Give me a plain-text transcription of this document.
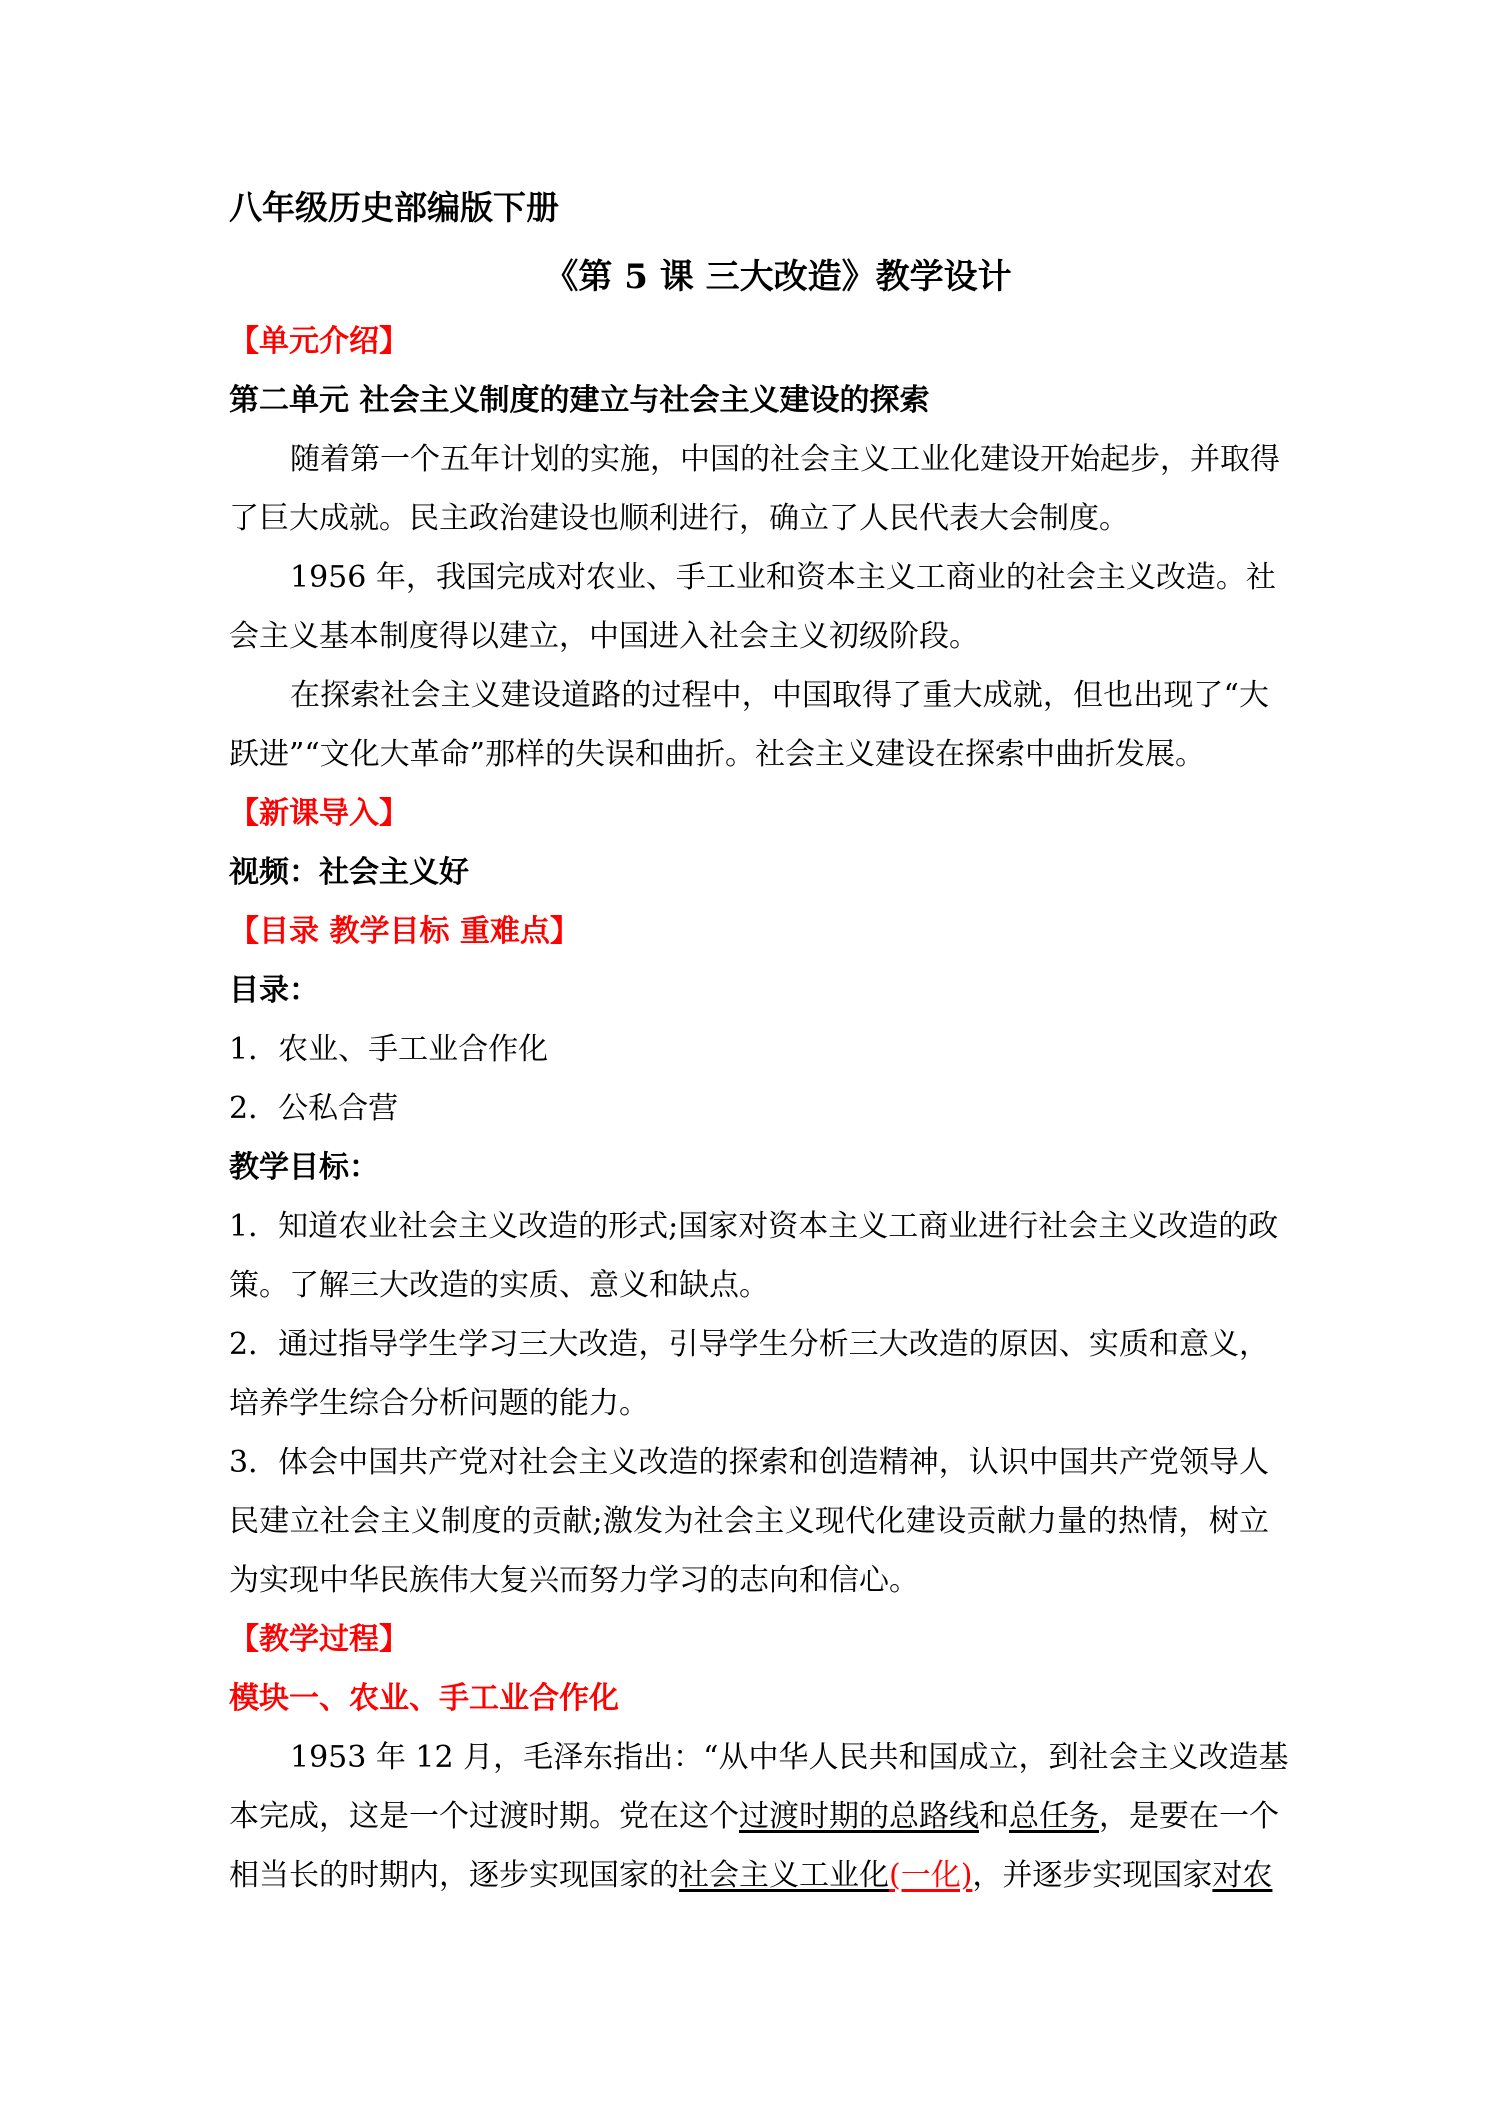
八年级历史部编版下册
《第 5 课 三大改造》教学设计
【单元介绍】
第二单元 社会主义制度的建立与社会主义建设的探索
随着第一个五年计划的实施，中国的社会主义工业化建设开始起步，并取得
了巨大成就。民主政治建设也顺利进行，确立了人民代表大会制度。
1956 年，我国完成对农业、手工业和资本主义工商业的社会主义改造。社
会主义基本制度得以建立，中国进入社会主义初级阶段。
在探索社会主义建设道路的过程中，中国取得了重大成就，但也出现了“大
跃进”“文化大革命”那样的失误和曲折。社会主义建设在探索中曲折发展。
【新课导入】
视频：社会主义好
【目录 教学目标 重难点】
目录：
1．农业、手工业合作化
2．公私合营
教学目标：
1．知道农业社会主义改造的形式;国家对资本主义工商业进行社会主义改造的政
策。了解三大改造的实质、意义和缺点。
2．通过指导学生学习三大改造，引导学生分析三大改造的原因、实质和意义，
培养学生综合分析问题的能力。
3．体会中国共产党对社会主义改造的探索和创造精神，认识中国共产党领导人
民建立社会主义制度的贡献;激发为社会主义现代化建设贡献力量的热情，树立
为实现中华民族伟大复兴而努力学习的志向和信心。
【教学过程】
模块一、农业、手工业合作化
1953 年 12 月，毛泽东指出：“从中华人民共和国成立，到社会主义改造基
本完成，这是一个过渡时期。党在这个过渡时期的总路线和总任务，是要在一个
相当长的时期内，逐步实现国家的社会主义工业化(一化)，并逐步实现国家对农
